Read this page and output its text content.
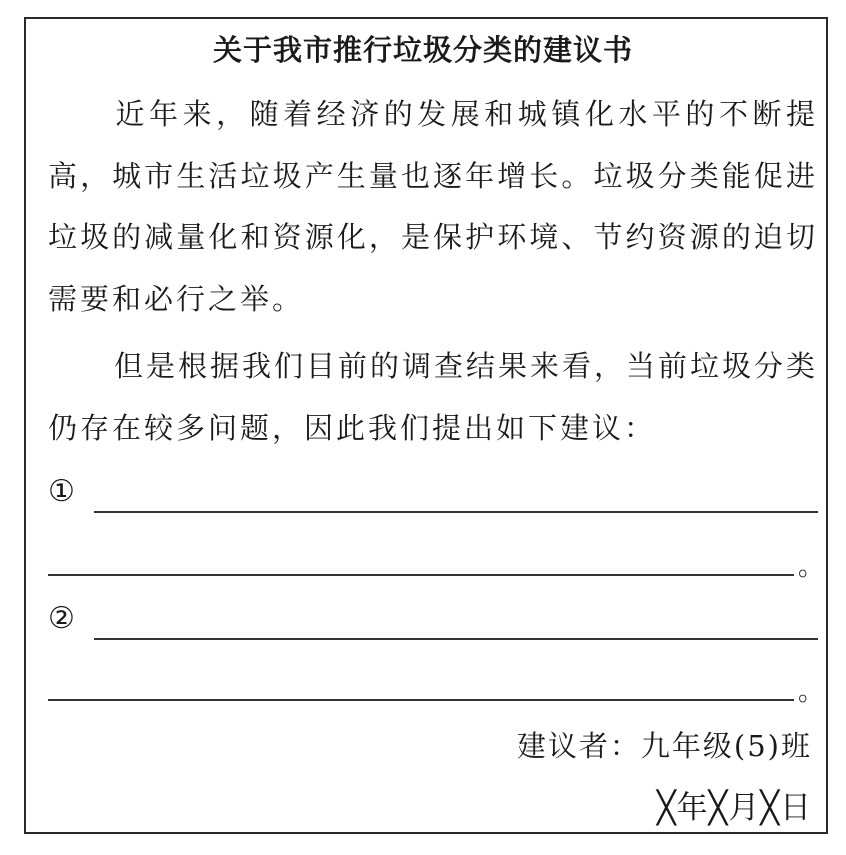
关于我市推行垃圾分类的建议书

近年来，随着经济的发展和城镇化水平的不断提高，城市生活垃圾产生量也逐年增长。垃圾分类能促进垃圾的减量化和资源化，是保护环境、节约资源的迫切需要和必行之举。

但是根据我们目前的调查结果来看，当前垃圾分类仍存在较多问题，因此我们提出如下建议：

①
。
②
。
建议者：九年级(5)班
╳年╳月╳日
